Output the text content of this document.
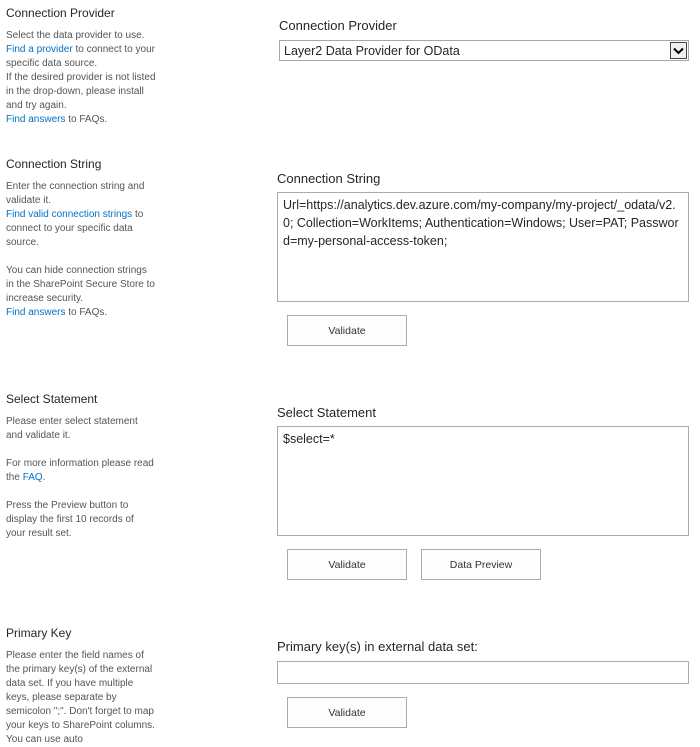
Connection Provider

Select the data provider to use.
Find a provider to connect to your specific data source.

If the desired provider is not listed in the drop-down, please install and try again.

Find answers to FAQs.

Connection String

Enter the connection string and validate it.

Find valid connection strings to connect to your specific data source.

You can hide connection strings in the SharePoint Secure Store to increase security.

Find answers to FAQs.

Select Statement

Please enter select statement and validate it.

For more information please read the FAQ.

Press the Preview button to display the first 10 records of your result set.

Primary Key

Please enter the field names of the primary key(s) of the external data set. If you have multiple keys, please separate by semicolon ";". Don't forget to map your keys to SharePoint columns. You can use auto

Connection Provider
Layer2 Data Provider for OData
Connection String
Url=https://analytics.dev.azure.com/my-company/my-project/_odata/v2.0; Collection=WorkItems; Authentication=Windows; User=PAT; Password=my-personal-access-token;
Validate
Select Statement
$select=*
Validate	Data Preview
Primary key(s) in external data set:
Validate
